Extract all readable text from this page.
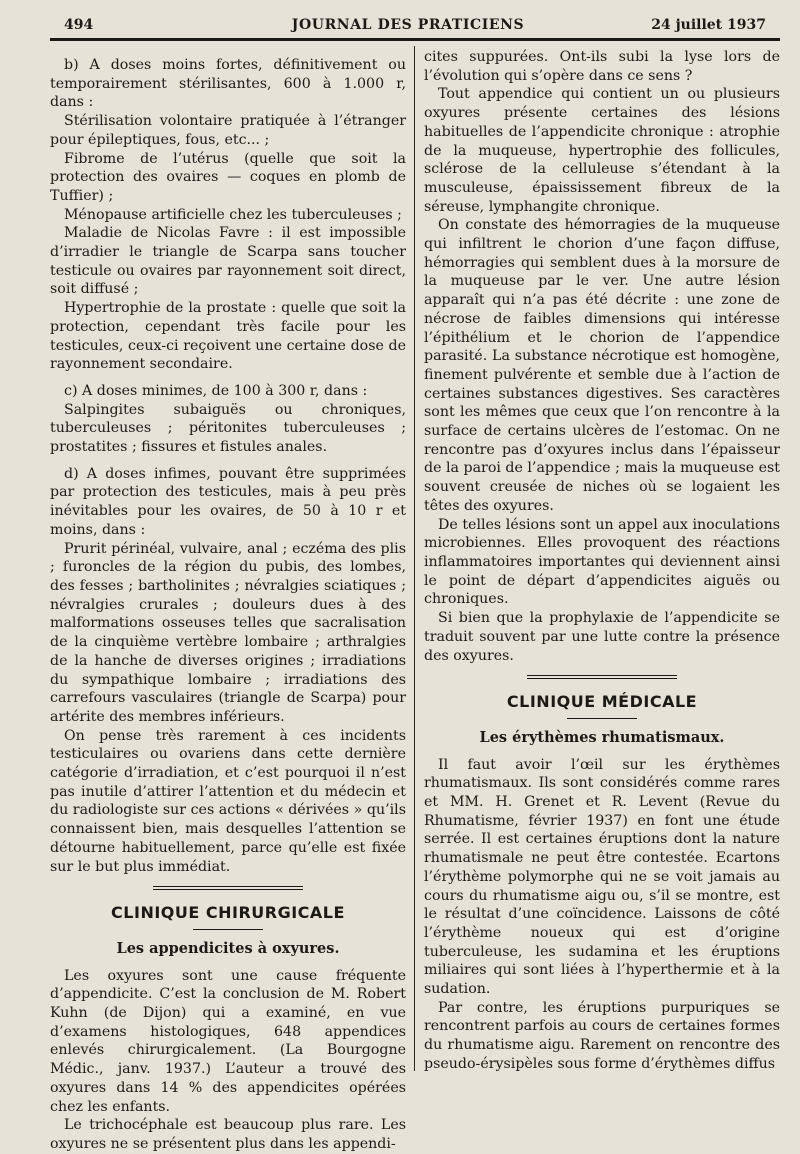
494	JOURNAL DES PRATICIENS	24 juillet 1937

b) A doses moins fortes, définitivement ou temporairement stérilisantes, 600 à 1.000 r, dans :

Stérilisation volontaire pratiquée à l’étranger pour épileptiques, fous, etc... ;

Fibrome de l’utérus (quelle que soit la protection des ovaires — coques en plomb de Tuffier) ;

Ménopause artificielle chez les tuberculeuses ;

Maladie de Nicolas Favre : il est impossible d’irradier le triangle de Scarpa sans toucher testicule ou ovaires par rayonnement soit direct, soit diffusé ;

Hypertrophie de la prostate : quelle que soit la protection, cependant très facile pour les testicules, ceux-ci reçoivent une certaine dose de rayonnement secondaire.

c) A doses minimes, de 100 à 300 r, dans :

Salpingites subaiguës ou chroniques, tuberculeuses ; péritonites tuberculeuses ; prostatites ; fissures et fistules anales.

d) A doses infimes, pouvant être supprimées par protection des testicules, mais à peu près inévitables pour les ovaires, de 50 à 10 r et moins, dans :

Prurit périnéal, vulvaire, anal ; eczéma des plis ; furoncles de la région du pubis, des lombes, des fesses ; bartholinites ; névralgies sciatiques ; névralgies crurales ; douleurs dues à des malformations osseuses telles que sacralisation de la cinquième vertèbre lombaire ; arthralgies de la hanche de diverses origines ; irradiations du sympathique lombaire ; irradiations des carrefours vasculaires (triangle de Scarpa) pour artérite des membres inférieurs.

On pense très rarement à ces incidents testiculaires ou ovariens dans cette dernière catégorie d’irradiation, et c’est pourquoi il n’est pas inutile d’attirer l’attention et du médecin et du radiologiste sur ces actions « dérivées » qu’ils connaissent bien, mais desquelles l’attention se détourne habituellement, parce qu’elle est fixée sur le but plus immédiat.

CLINIQUE CHIRURGICALE
Les appendicites à oxyures.

Les oxyures sont une cause fréquente d’appendicite. C’est la conclusion de M. Robert Kuhn (de Dijon) qui a examiné, en vue d’examens histologiques, 648 appendices enlevés chirurgicalement. (La Bourgogne Médic., janv. 1937.) L’auteur a trouvé des oxyures dans 14 % des appendicites opérées chez les enfants.

Le trichocéphale est beaucoup plus rare. Les oxyures ne se présentent plus dans les appendi-

cites suppurées. Ont-ils subi la lyse lors de l’évolution qui s’opère dans ce sens ?

Tout appendice qui contient un ou plusieurs oxyures présente certaines des lésions habituelles de l’appendicite chronique : atrophie de la muqueuse, hypertrophie des follicules, sclérose de la celluleuse s’étendant à la musculeuse, épaississement fibreux de la séreuse, lymphangite chronique.

On constate des hémorragies de la muqueuse qui infiltrent le chorion d’une façon diffuse, hémorragies qui semblent dues à la morsure de la muqueuse par le ver. Une autre lésion apparaît qui n’a pas été décrite : une zone de nécrose de faibles dimensions qui intéresse l’épithélium et le chorion de l’appendice parasité. La substance nécrotique est homogène, finement pulvérente et semble due à l’action de certaines substances digestives. Ses caractères sont les mêmes que ceux que l’on rencontre à la surface de certains ulcères de l’estomac. On ne rencontre pas d’oxyures inclus dans l’épaisseur de la paroi de l’appendice ; mais la muqueuse est souvent creusée de niches où se logaient les têtes des oxyures.

De telles lésions sont un appel aux inoculations microbiennes. Elles provoquent des réactions inflammatoires importantes qui deviennent ainsi le point de départ d’appendicites aiguës ou chroniques.

Si bien que la prophylaxie de l’appendicite se traduit souvent par une lutte contre la présence des oxyures.

CLINIQUE MÉDICALE
Les érythèmes rhumatismaux.

Il faut avoir l’œil sur les érythèmes rhumatismaux. Ils sont considérés comme rares et MM. H. Grenet et R. Levent (Revue du Rhumatisme, février 1937) en font une étude serrée. Il est certaines éruptions dont la nature rhumatismale ne peut être contestée. Ecartons l’érythème polymorphe qui ne se voit jamais au cours du rhumatisme aigu ou, s’il se montre, est le résultat d’une coïncidence. Laissons de côté l’érythème noueux qui est d’origine tuberculeuse, les sudamina et les éruptions miliaires qui sont liées à l’hyperthermie et à la sudation.

Par contre, les éruptions purpuriques se rencontrent parfois au cours de certaines formes du rhumatisme aigu. Rarement on rencontre des pseudo-érysipèles sous forme d’érythèmes diffus
